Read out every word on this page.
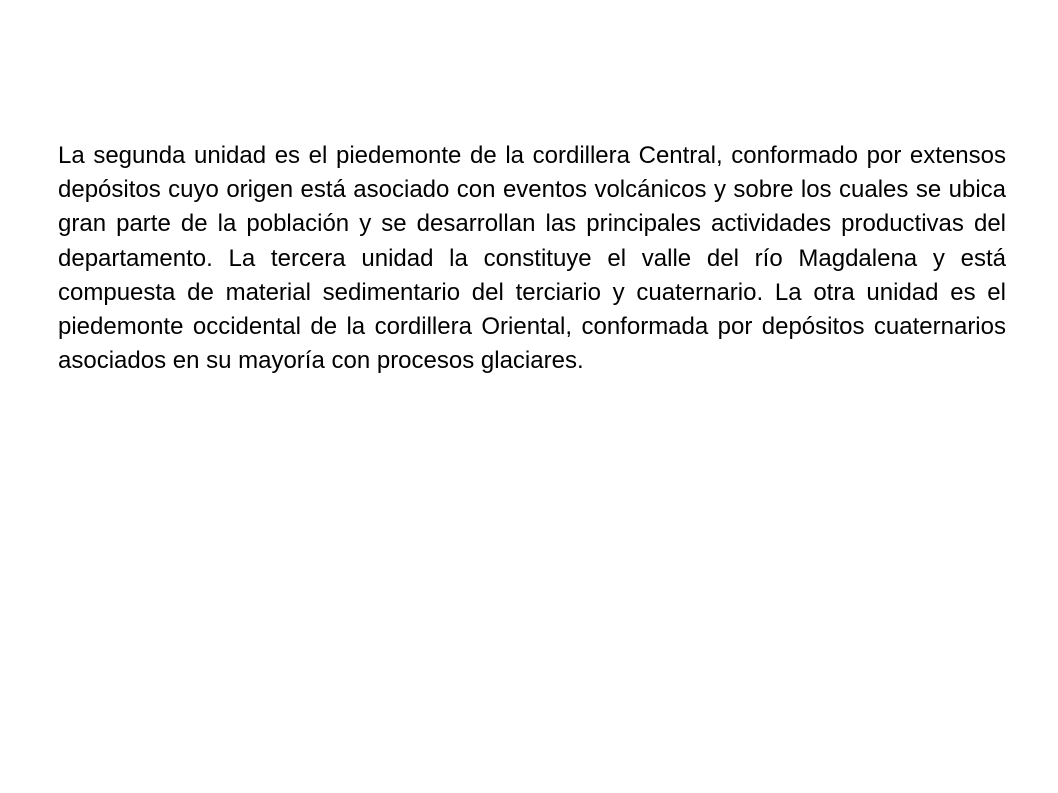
La segunda unidad es el piedemonte de la cordillera Central, conformado por extensos depósitos cuyo origen está asociado con eventos volcánicos y sobre los cuales se ubica gran parte de la población y se desarrollan las principales actividades productivas del departamento. La tercera unidad la constituye el valle del río Magdalena y está compuesta de material sedimentario del terciario y cuaternario. La otra unidad es el piedemonte occidental de la cordillera Oriental, conformada por depósitos cuaternarios asociados en su mayoría con procesos glaciares.
